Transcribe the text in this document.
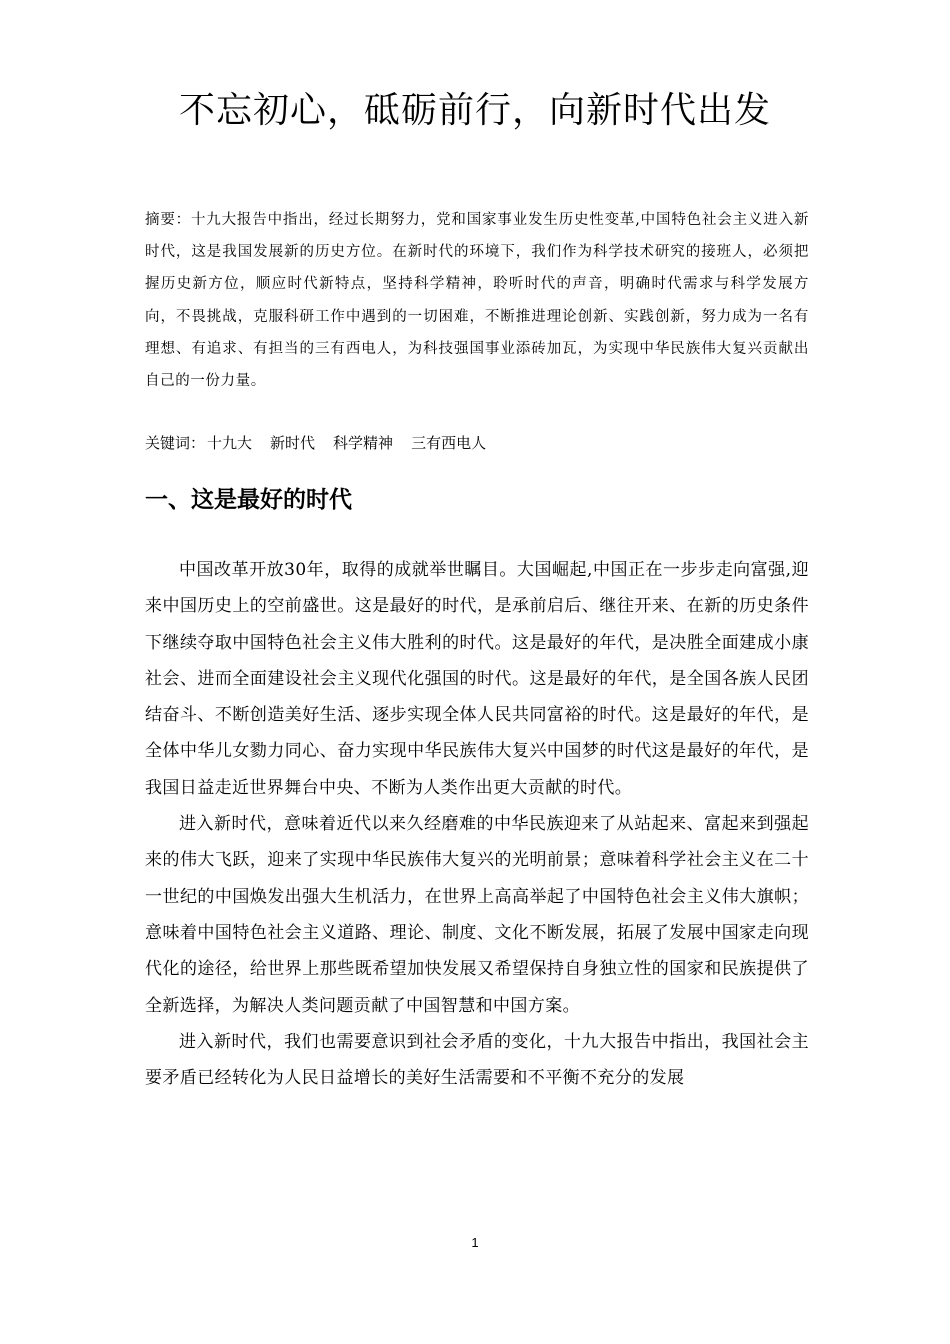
不忘初心，砥砺前行，向新时代出发

摘要：十九大报告中指出，经过长期努力，党和国家事业发生历史性变革,中国特色社会主义进入新时代，这是我国发展新的历史方位。在新时代的环境下，我们作为科学技术研究的接班人，必须把握历史新方位，顺应时代新特点，坚持科学精神，聆听时代的声音，明确时代需求与科学发展方向，不畏挑战，克服科研工作中遇到的一切困难，不断推进理论创新、实践创新，努力成为一名有理想、有追求、有担当的三有西电人，为科技强国事业添砖加瓦，为实现中华民族伟大复兴贡献出自己的一份力量。

关键词： 十九大 新时代 科学精神 三有西电人
一、这是最好的时代

中国改革开放30年，取得的成就举世瞩目。大国崛起,中国正在一步步走向富强,迎来中国历史上的空前盛世。这是最好的时代，是承前启后、继往开来、在新的历史条件下继续夺取中国特色社会主义伟大胜利的时代。这是最好的年代，是决胜全面建成小康社会、进而全面建设社会主义现代化强国的时代。这是最好的年代，是全国各族人民团结奋斗、不断创造美好生活、逐步实现全体人民共同富裕的时代。这是最好的年代，是全体中华儿女勠力同心、奋力实现中华民族伟大复兴中国梦的时代这是最好的年代，是我国日益走近世界舞台中央、不断为人类作出更大贡献的时代。

进入新时代，意味着近代以来久经磨难的中华民族迎来了从站起来、富起来到强起来的伟大飞跃，迎来了实现中华民族伟大复兴的光明前景；意味着科学社会主义在二十一世纪的中国焕发出强大生机活力，在世界上高高举起了中国特色社会主义伟大旗帜；意味着中国特色社会主义道路、理论、制度、文化不断发展，拓展了发展中国家走向现代化的途径，给世界上那些既希望加快发展又希望保持自身独立性的国家和民族提供了全新选择，为解决人类问题贡献了中国智慧和中国方案。

进入新时代，我们也需要意识到社会矛盾的变化，十九大报告中指出，我国社会主要矛盾已经转化为人民日益增长的美好生活需要和不平衡不充分的发展

1
